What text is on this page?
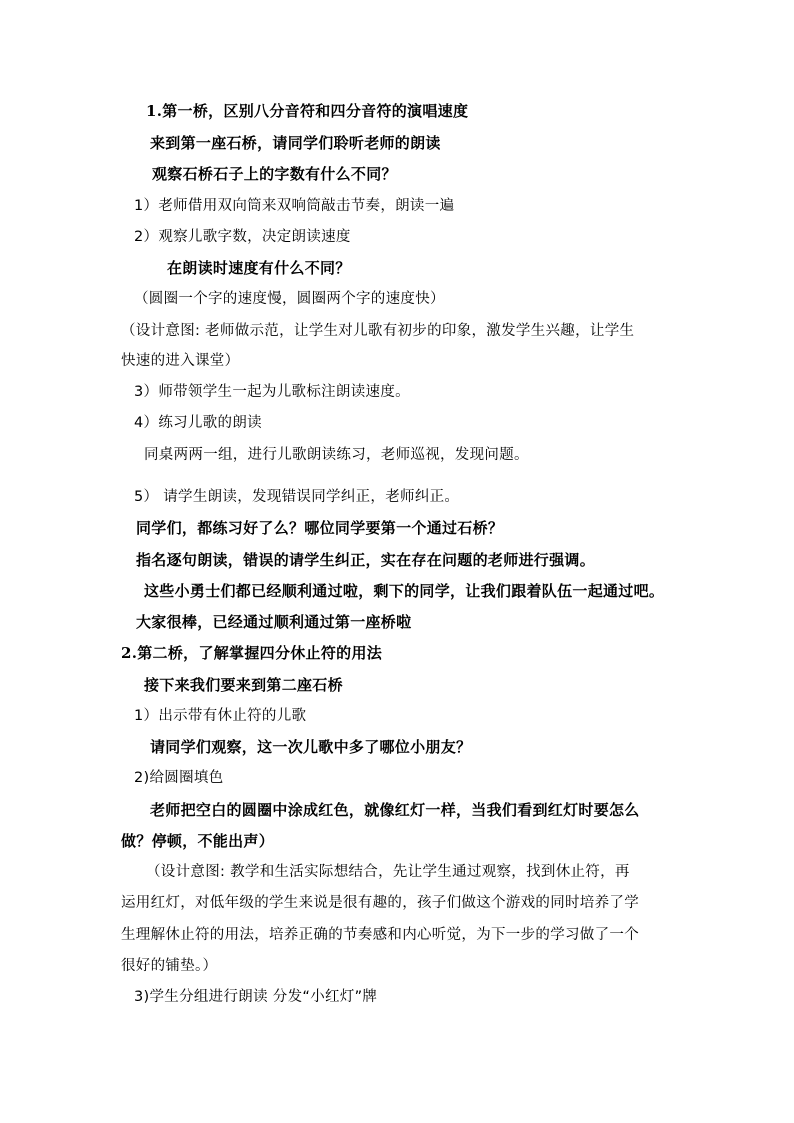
1.第一桥，区别八分音符和四分音符的演唱速度
来到第一座石桥，请同学们聆听老师的朗读
观察石桥石子上的字数有什么不同？
1）老师借用双向筒来双响筒敲击节奏，朗读一遍
2）观察儿歌字数，决定朗读速度
在朗读时速度有什么不同？
（圆圈一个字的速度慢，圆圈两个字的速度快）
（设计意图: 老师做示范，让学生对儿歌有初步的印象，激发学生兴趣，让学生
快速的进入课堂）
3）师带领学生一起为儿歌标注朗读速度。
4）练习儿歌的朗读
同桌两两一组，进行儿歌朗读练习，老师巡视，发现问题。
5） 请学生朗读，发现错误同学纠正，老师纠正。
同学们，都练习好了么？哪位同学要第一个通过石桥？
指名逐句朗读，错误的请学生纠正，实在存在问题的老师进行强调。
这些小勇士们都已经顺利通过啦，剩下的同学，让我们跟着队伍一起通过吧。
大家很棒，已经通过顺利通过第一座桥啦
2.第二桥，了解掌握四分休止符的用法
接下来我们要来到第二座石桥
1）出示带有休止符的儿歌
请同学们观察，这一次儿歌中多了哪位小朋友？
2)给圆圈填色
老师把空白的圆圈中涂成红色，就像红灯一样，当我们看到红灯时要怎么
做？停顿，不能出声）
（设计意图: 教学和生活实际想结合，先让学生通过观察，找到休止符，再
运用红灯，对低年级的学生来说是很有趣的，孩子们做这个游戏的同时培养了学
生理解休止符的用法，培养正确的节奏感和内心听觉，为下一步的学习做了一个
很好的铺垫。）
3)学生分组进行朗读 分发“小红灯”牌
